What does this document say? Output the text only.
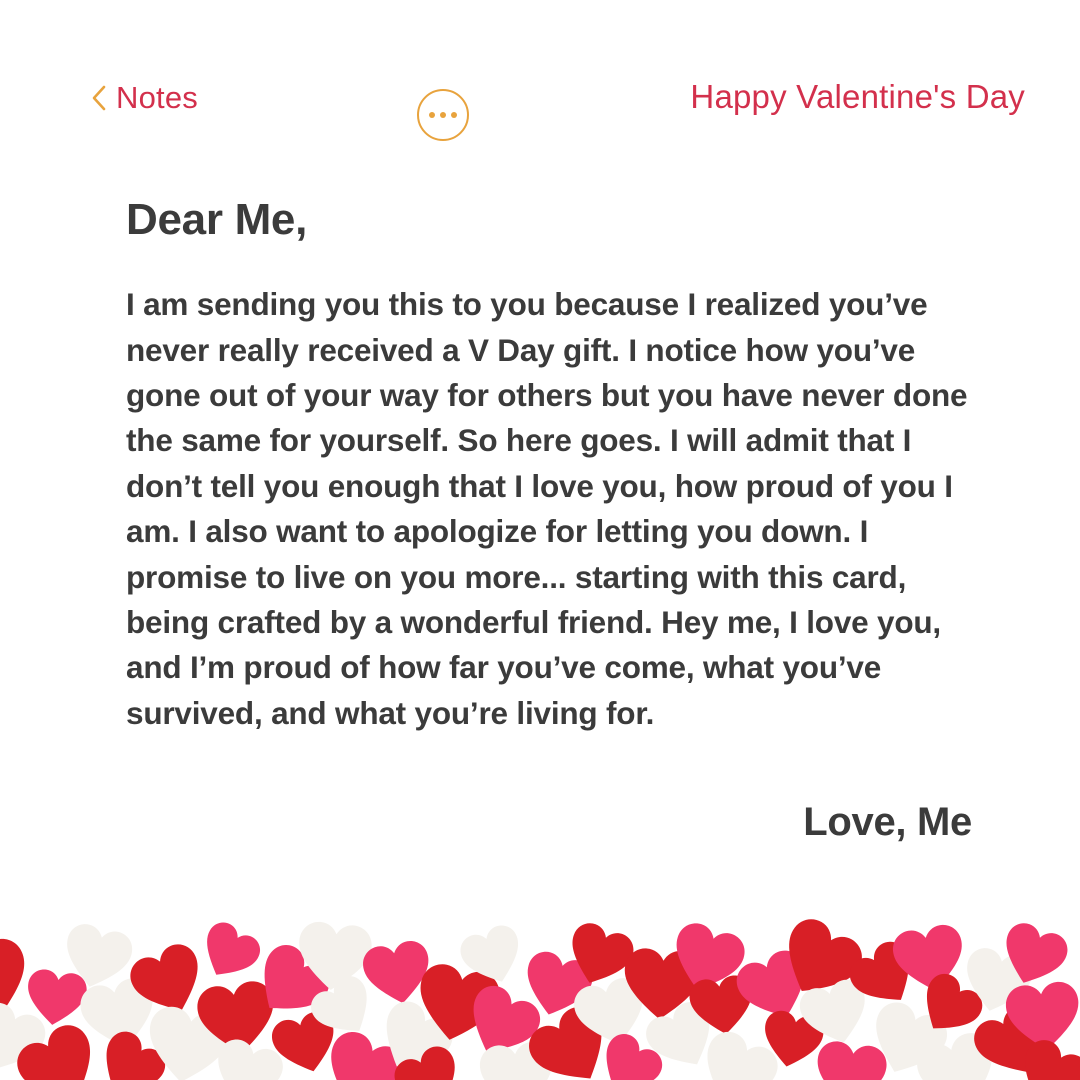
Notes	Happy Valentine's Day
Dear Me,

I am sending you this to you because I realized you’ve never really received a V Day gift. I notice how you’ve gone out of your way for others but you have never done the same for yourself. So here goes. I will admit that I don’t tell you enough that I love you, how proud of you I am. I also want to apologize for letting you down. I promise to live on you more... starting with this card, being crafted by a wonderful friend. Hey me, I love you, and I’m proud of how far you’ve come, what you’ve survived, and what you’re living for.

Love, Me
